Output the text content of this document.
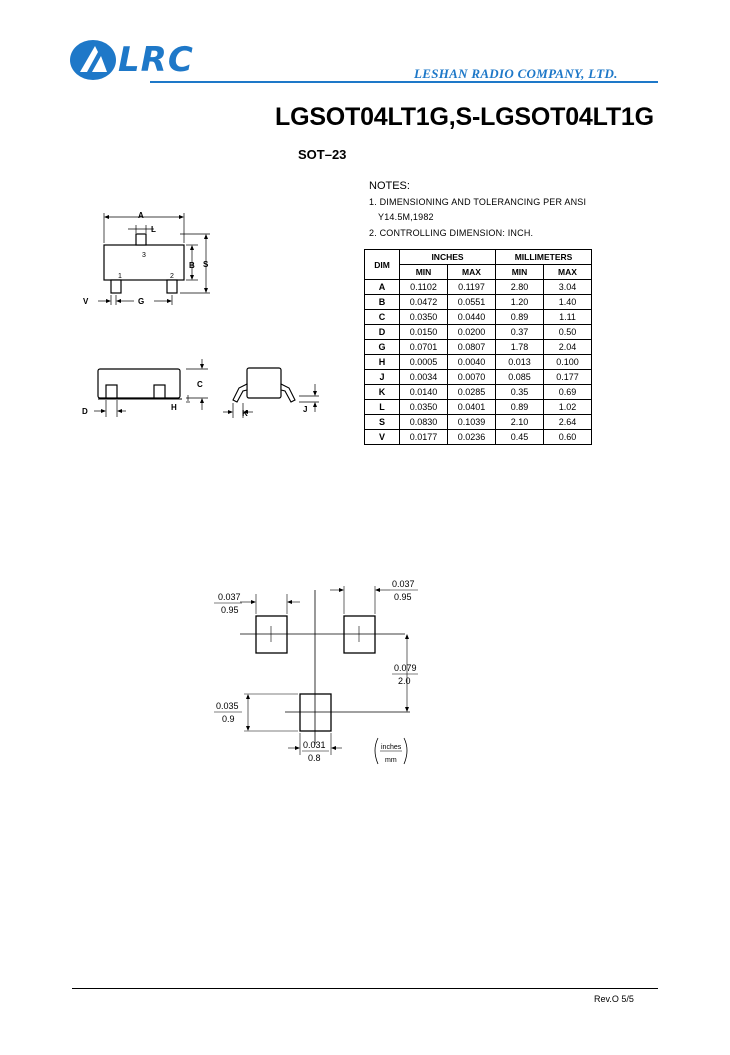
LRC	LESHAN RADIO COMPANY, LTD.
LGSOT04LT1G,S-LGSOT04LT1G
SOT–23
NOTES:
1. DIMENSIONING AND TOLERANCING PER ANSI
Y14.5M,1982
2. CONTROLLING DIMENSION: INCH.
DIM	INCHES		MILLIMETERS	
	MIN	MAX	MIN	MAX
A	0.1102	0.1197	2.80	3.04
B	0.0472	0.0551	1.20	1.40
C	0.0350	0.0440	0.89	1.11
D	0.0150	0.0200	0.37	0.50
G	0.0701	0.0807	1.78	2.04
H	0.0005	0.0040	0.013	0.100
J	0.0034	0.0070	0.085	0.177
K	0.0140	0.0285	0.35	0.69
L	0.0350	0.0401	0.89	1.02
S	0.0830	0.1039	2.10	2.64
V	0.0177	0.0236	0.45	0.60
A
L
3
1	2
B S
V	G
C
D	H
K	J
0.037
0.95
0.037
0.95
0.079
2.0
0.035
0.9
0.031
0.8
inches
mm
Rev.O 5/5
